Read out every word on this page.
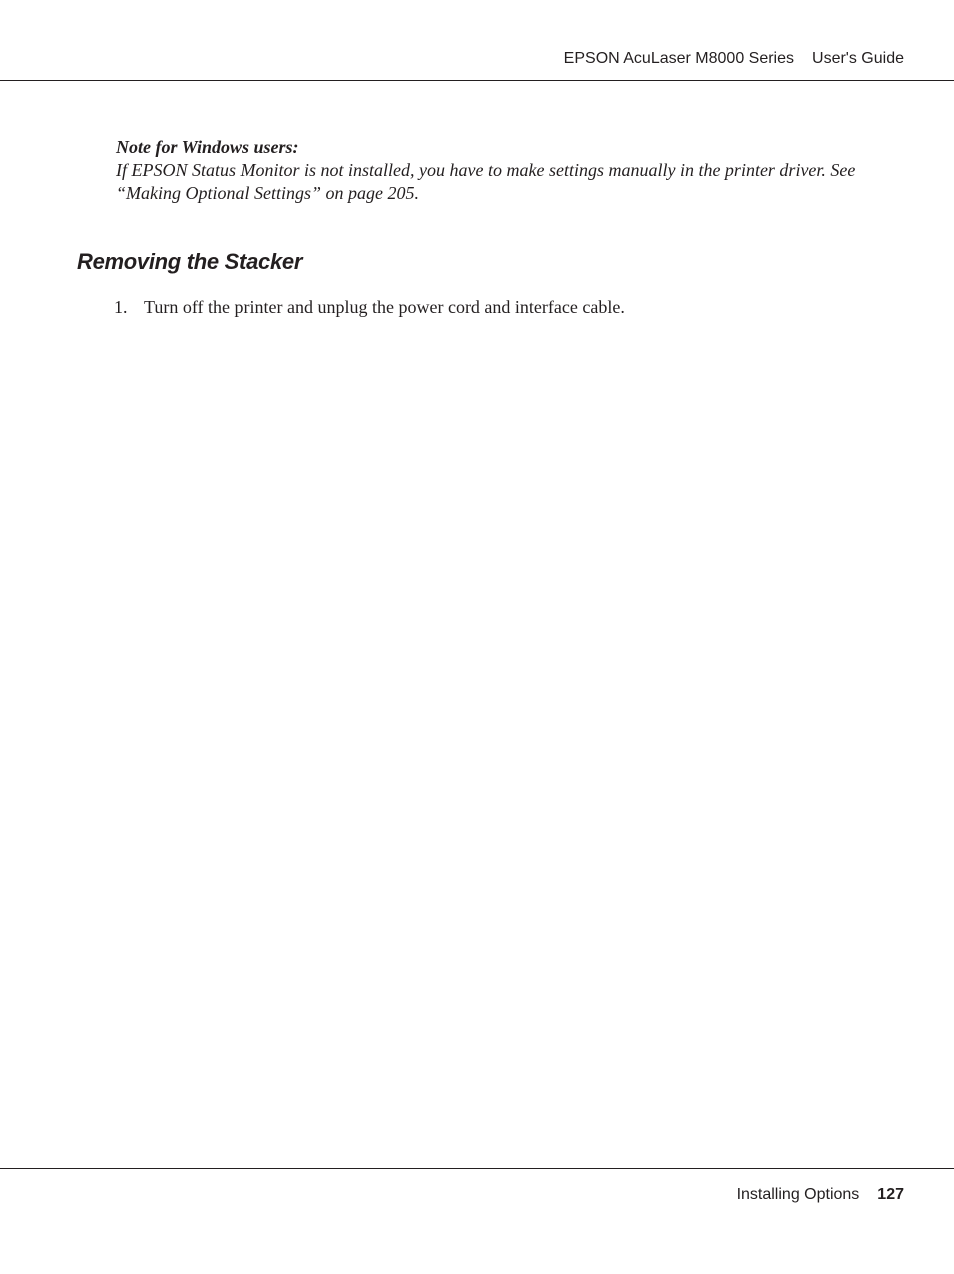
EPSON AcuLaser M8000 Series User's Guide
Note for Windows users:
If EPSON Status Monitor is not installed, you have to make settings manually in the printer driver. See “Making Optional Settings” on page 205.
Removing the Stacker
1. Turn off the printer and unplug the power cord and interface cable.
Installing Options 127
